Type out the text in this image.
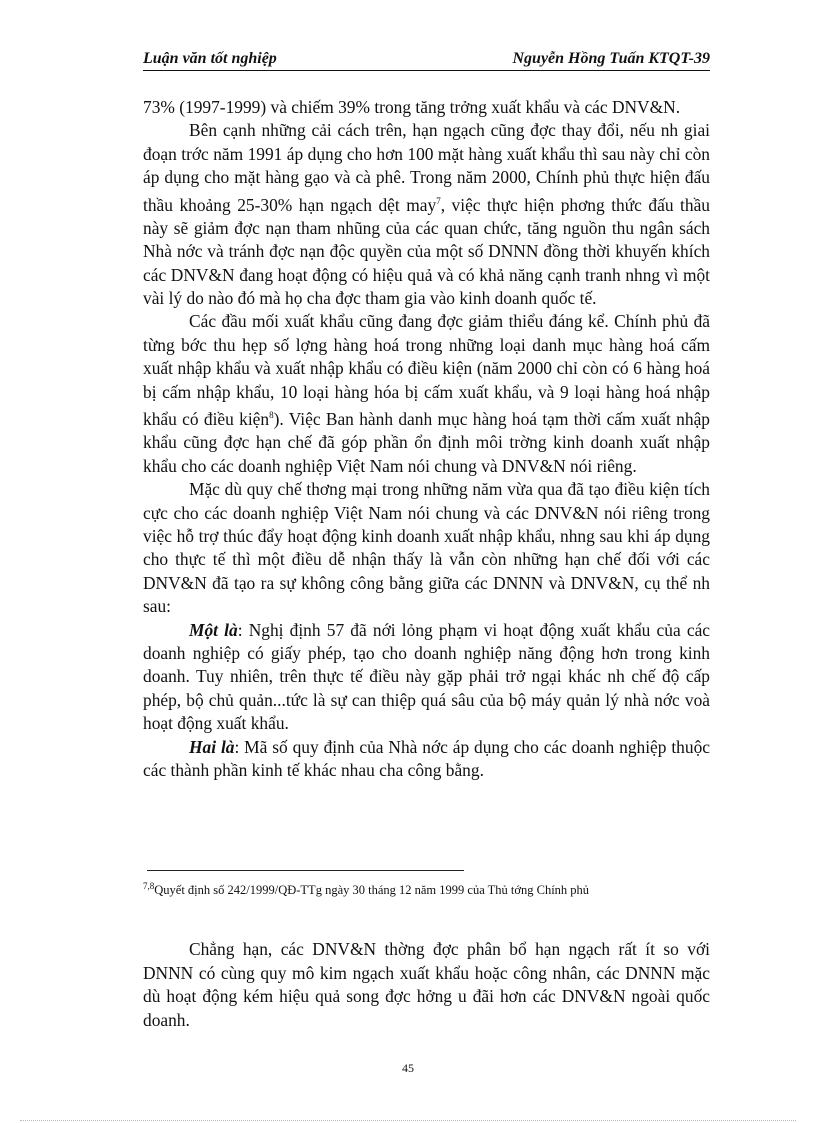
Luận văn tốt nghiệp	Nguyễn Hồng Tuấn KTQT-39

73% (1997-1999) và chiếm 39% trong tăng trởng xuất khẩu và các DNV&N.

Bên cạnh những cải cách trên, hạn ngạch cũng đợc thay đổi, nếu nh giai đoạn trớc năm 1991 áp dụng cho hơn 100 mặt hàng xuất khẩu thì sau này chỉ còn áp dụng cho mặt hàng gạo và cà phê. Trong năm 2000, Chính phủ thực hiện đấu thầu khoảng 25-30% hạn ngạch dệt may$^7$, việc thực hiện phơng thức đấu thầu này sẽ giảm đợc nạn tham nhũng của các quan chức, tăng nguồn thu ngân sách Nhà nớc và tránh đợc nạn độc quyền của một số DNNN đồng thời khuyến khích các DNV&N đang hoạt động có hiệu quả và có khả năng cạnh tranh nhng vì một vài lý do nào đó mà họ cha đợc tham gia vào kinh doanh quốc tế.

Các đầu mối xuất khẩu cũng đang đợc giảm thiểu đáng kể. Chính phủ đã từng bớc thu hẹp số lợng hàng hoá trong những loại danh mục hàng hoá cấm xuất nhập khẩu và xuất nhập khẩu có điều kiện (năm 2000 chỉ còn có 6 hàng hoá bị cấm nhập khẩu, 10 loại hàng hóa bị cấm xuất khẩu, và 9 loại hàng hoá nhập khẩu có điều kiện$^8$). Việc Ban hành danh mục hàng hoá tạm thời cấm xuất nhập khẩu cũng đợc hạn chế đã góp phần ổn định môi trờng kinh doanh xuất nhập khẩu cho các doanh nghiệp Việt Nam nói chung và DNV&N nói riêng.

Mặc dù quy chế thơng mại trong những năm vừa qua đã tạo điều kiện tích cực cho các doanh nghiệp Việt Nam nói chung và các DNV&N nói riêng trong việc hỗ trợ thúc đẩy hoạt động kinh doanh xuất nhập khẩu, nhng sau khi áp dụng cho thực tế thì một điều dễ nhận thấy là vẫn còn những hạn chế đối với các DNV&N đã tạo ra sự không công bằng giữa các DNNN và DNV&N, cụ thể nh sau:

Một là: Nghị định 57 đã nới lỏng phạm vi hoạt động xuất khẩu của các doanh nghiệp có giấy phép, tạo cho doanh nghiệp năng động hơn trong kinh doanh. Tuy nhiên, trên thực tế điều này gặp phải trở ngại khác nh chế độ cấp phép, bộ chủ quản...tức là sự can thiệp quá sâu của bộ máy quản lý nhà nớc voà hoạt động xuất khẩu.

Hai là: Mã số quy định của Nhà nớc áp dụng cho các doanh nghiệp thuộc các thành phần kinh tế khác nhau cha công bằng.

$^{7,8}$Quyết định số 242/1999/QĐ-TTg ngày 30 tháng 12 năm 1999 của Thủ tớng Chính phủ

Chẳng hạn, các DNV&N thờng đợc phân bổ hạn ngạch rất ít so với DNNN có cùng quy mô kim ngạch xuất khẩu hoặc công nhân, các DNNN mặc dù hoạt động kém hiệu quả song đợc hởng u đãi hơn các DNV&N ngoài quốc doanh.

45
